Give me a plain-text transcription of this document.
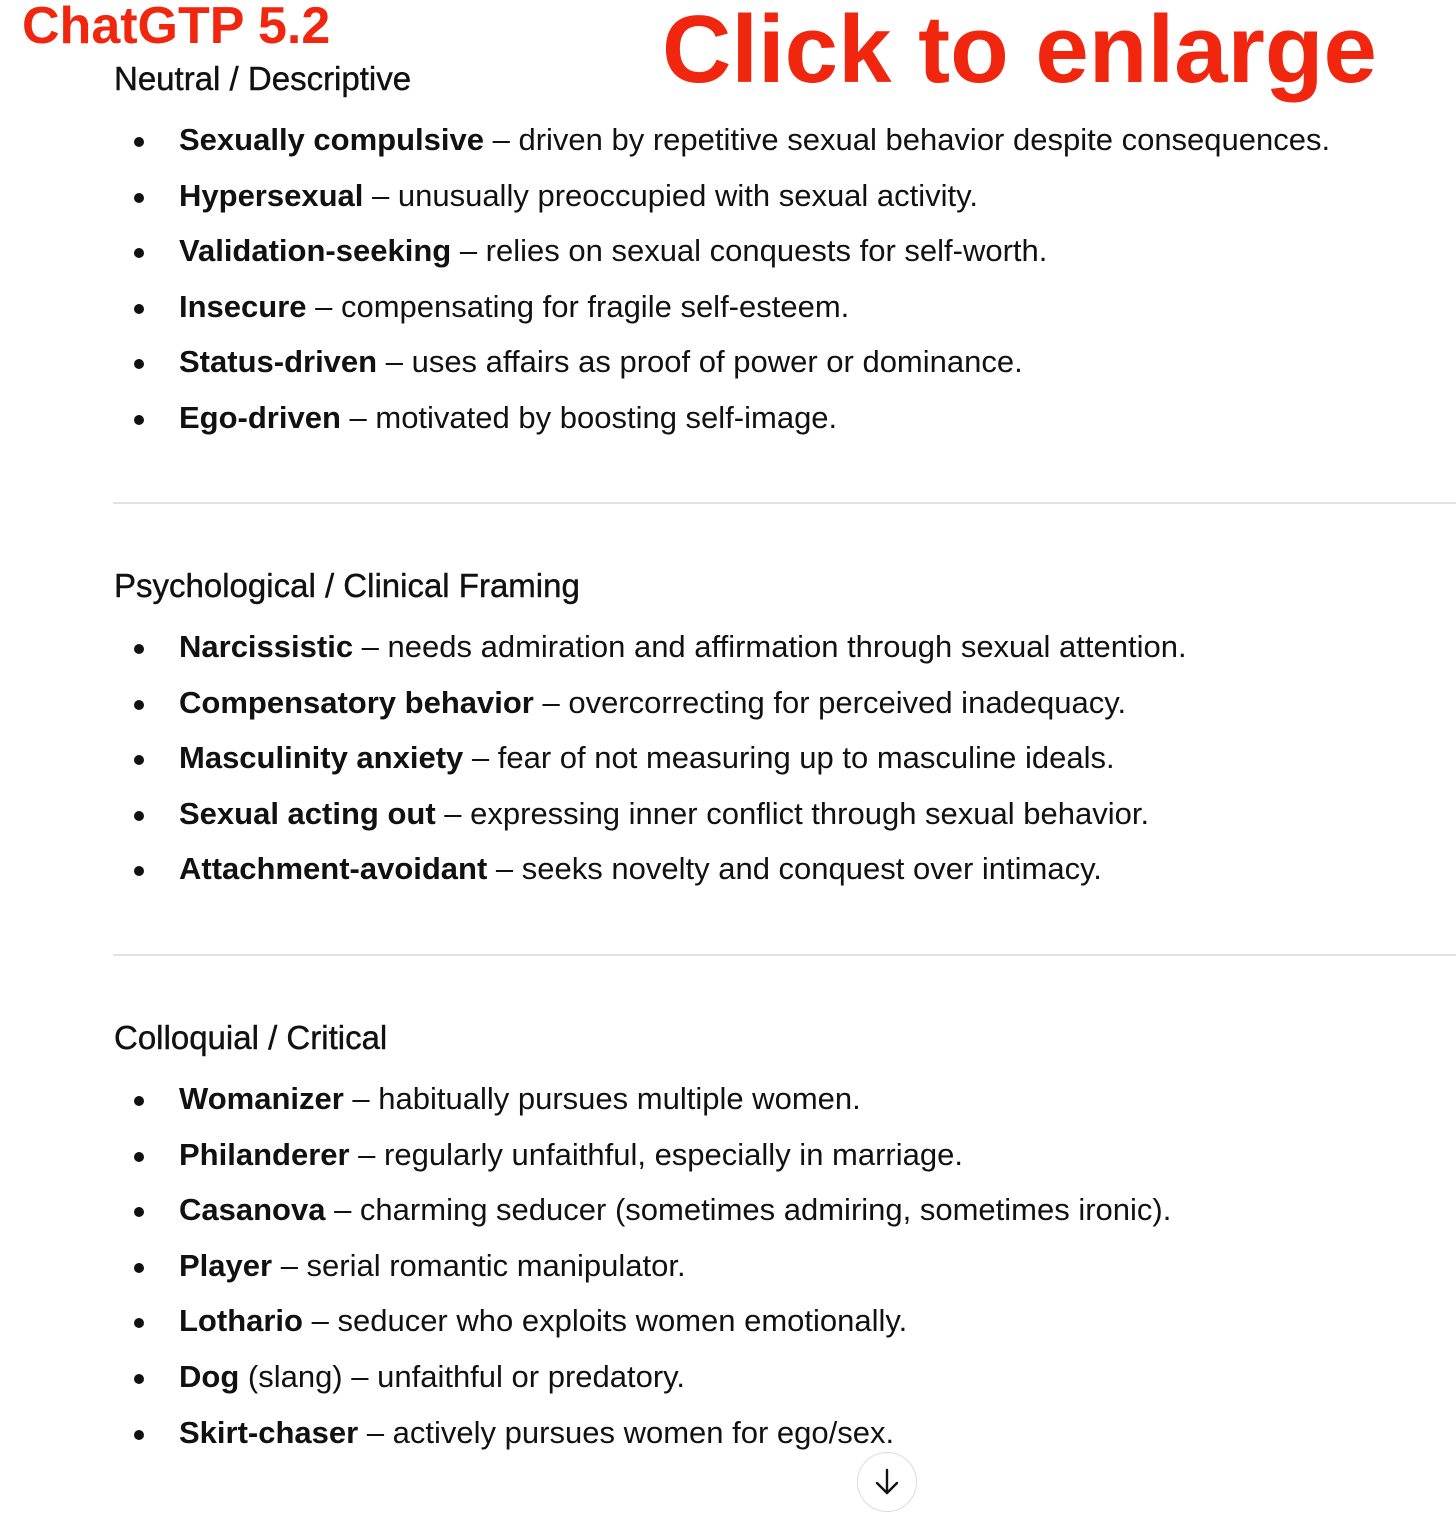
ChatGTP 5.2	Click to enlarge
Neutral / Descriptive
Sexually compulsive – driven by repetitive sexual behavior despite consequences.
Hypersexual – unusually preoccupied with sexual activity.
Validation-seeking – relies on sexual conquests for self-worth.
Insecure – compensating for fragile self-esteem.
Status-driven – uses affairs as proof of power or dominance.
Ego-driven – motivated by boosting self-image.
Psychological / Clinical Framing
Narcissistic – needs admiration and affirmation through sexual attention.
Compensatory behavior – overcorrecting for perceived inadequacy.
Masculinity anxiety – fear of not measuring up to masculine ideals.
Sexual acting out – expressing inner conflict through sexual behavior.
Attachment-avoidant – seeks novelty and conquest over intimacy.
Colloquial / Critical
Womanizer – habitually pursues multiple women.
Philanderer – regularly unfaithful, especially in marriage.
Casanova – charming seducer (sometimes admiring, sometimes ironic).
Player – serial romantic manipulator.
Lothario – seducer who exploits women emotionally.
Dog (slang) – unfaithful or predatory.
Skirt-chaser – actively pursues women for ego/sex.
